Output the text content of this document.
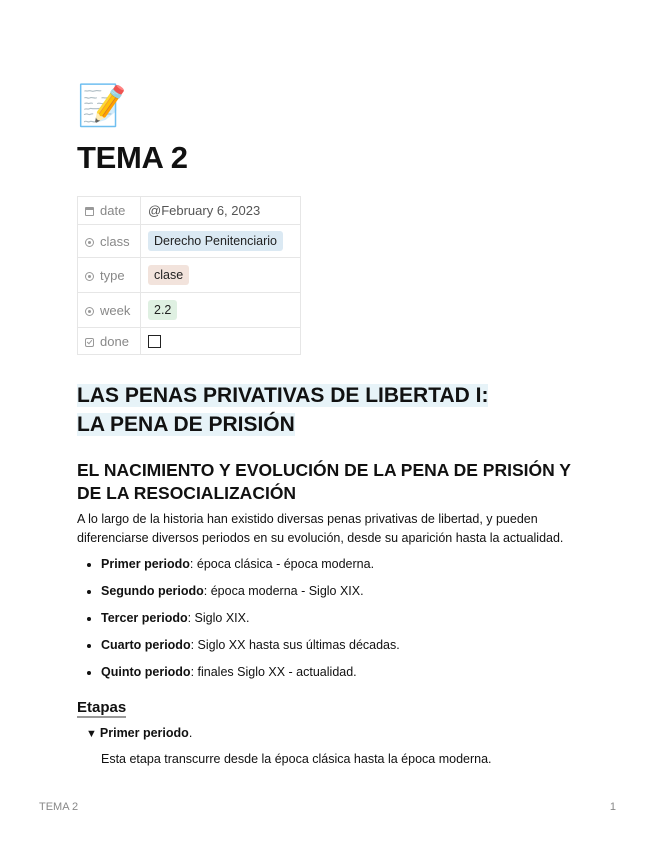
📝
TEMA 2
date	@February 6, 2023
class	Derecho Penitenciario
type	clase
week	2.2
done	
LAS PENAS PRIVATIVAS DE LIBERTAD I:
LA PENA DE PRISIÓN
EL NACIMIENTO Y EVOLUCIÓN DE LA PENA DE PRISIÓN Y DE LA RESOCIALIZACIÓN

A lo largo de la historia han existido diversas penas privativas de libertad, y pueden diferenciarse diversos periodos en su evolución, desde su aparición hasta la actualidad.

• Primer periodo: época clásica - época moderna.
• Segundo periodo: época moderna - Siglo XIX.
• Tercer periodo: Siglo XIX.
• Cuarto periodo: Siglo XX hasta sus últimas décadas.
• Quinto periodo: finales Siglo XX - actualidad.
Etapas
▼ Primer periodo.
Esta etapa transcurre desde la época clásica hasta la época moderna.
TEMA 2	1
